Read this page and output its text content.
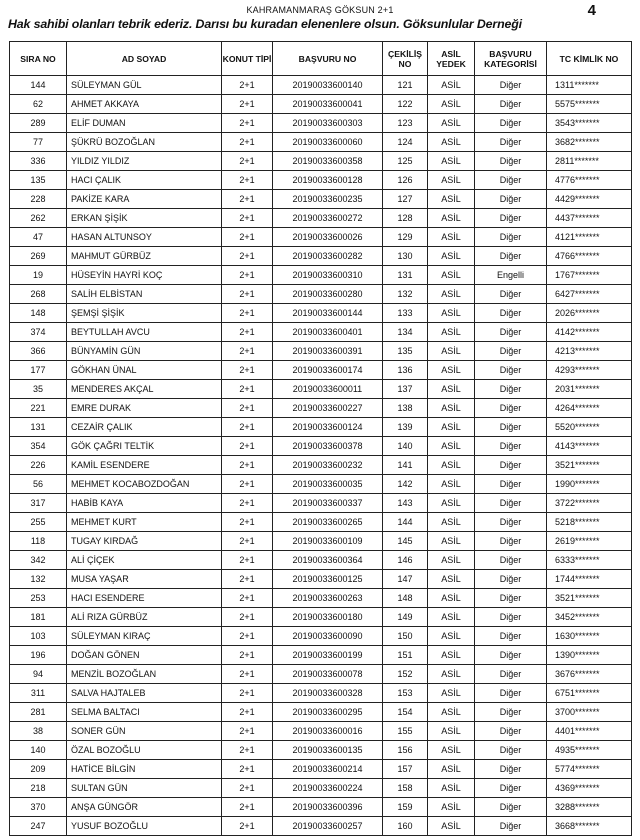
KAHRAMANMARAŞ GÖKSUN 2+1	4
Hak sahibi olanları tebrik ederiz. Darısı bu kuradan elenenlere olsun. Göksunlular Derneği
SIRA NO	AD SOYAD	KONUT TİPİ	BAŞVURU NO	ÇEKİLİŞ NO	ASİL YEDEK	BAŞVURU KATEGORİSİ	TC KİMLİK NO
144	SÜLEYMAN GÜL	2+1	20190033600140	121	ASİL	Diğer	1311*******
62	AHMET AKKAYA	2+1	20190033600041	122	ASİL	Diğer	5575*******
289	ELİF DUMAN	2+1	20190033600303	123	ASİL	Diğer	3543*******
77	ŞÜKRÜ BOZOĞLAN	2+1	20190033600060	124	ASİL	Diğer	3682*******
336	YILDIZ YILDIZ	2+1	20190033600358	125	ASİL	Diğer	2811*******
135	HACI ÇALIK	2+1	20190033600128	126	ASİL	Diğer	4776*******
228	PAKİZE KARA	2+1	20190033600235	127	ASİL	Diğer	4429*******
262	ERKAN ŞİŞİK	2+1	20190033600272	128	ASİL	Diğer	4437*******
47	HASAN ALTUNSOY	2+1	20190033600026	129	ASİL	Diğer	4121*******
269	MAHMUT GÜRBÜZ	2+1	20190033600282	130	ASİL	Diğer	4766*******
19	HÜSEYİN HAYRİ KOÇ	2+1	20190033600310	131	ASİL	Engelli	1767*******
268	SALİH ELBİSTAN	2+1	20190033600280	132	ASİL	Diğer	6427*******
148	ŞEMŞİ ŞİŞİK	2+1	20190033600144	133	ASİL	Diğer	2026*******
374	BEYTULLAH AVCU	2+1	20190033600401	134	ASİL	Diğer	4142*******
366	BÜNYAMİN GÜN	2+1	20190033600391	135	ASİL	Diğer	4213*******
177	GÖKHAN ÜNAL	2+1	20190033600174	136	ASİL	Diğer	4293*******
35	MENDERES AKÇAL	2+1	20190033600011	137	ASİL	Diğer	2031*******
221	EMRE DURAK	2+1	20190033600227	138	ASİL	Diğer	4264*******
131	CEZAİR ÇALIK	2+1	20190033600124	139	ASİL	Diğer	5520*******
354	GÖK ÇAĞRI TELTİK	2+1	20190033600378	140	ASİL	Diğer	4143*******
226	KAMİL ESENDERE	2+1	20190033600232	141	ASİL	Diğer	3521*******
56	MEHMET KOCABOZDOĞAN	2+1	20190033600035	142	ASİL	Diğer	1990*******
317	HABİB KAYA	2+1	20190033600337	143	ASİL	Diğer	3722*******
255	MEHMET KURT	2+1	20190033600265	144	ASİL	Diğer	5218*******
118	TUGAY KIRDAĞ	2+1	20190033600109	145	ASİL	Diğer	2619*******
342	ALİ ÇİÇEK	2+1	20190033600364	146	ASİL	Diğer	6333*******
132	MUSA YAŞAR	2+1	20190033600125	147	ASİL	Diğer	1744*******
253	HACI ESENDERE	2+1	20190033600263	148	ASİL	Diğer	3521*******
181	ALİ RIZA GÜRBÜZ	2+1	20190033600180	149	ASİL	Diğer	3452*******
103	SÜLEYMAN KIRAÇ	2+1	20190033600090	150	ASİL	Diğer	1630*******
196	DOĞAN GÖNEN	2+1	20190033600199	151	ASİL	Diğer	1390*******
94	MENZİL BOZOĞLAN	2+1	20190033600078	152	ASİL	Diğer	3676*******
311	SALVA HAJTALEB	2+1	20190033600328	153	ASİL	Diğer	6751*******
281	SELMA BALTACI	2+1	20190033600295	154	ASİL	Diğer	3700*******
38	SONER GÜN	2+1	20190033600016	155	ASİL	Diğer	4401*******
140	ÖZAL BOZOĞLU	2+1	20190033600135	156	ASİL	Diğer	4935*******
209	HATİCE BİLGİN	2+1	20190033600214	157	ASİL	Diğer	5774*******
218	SULTAN GÜN	2+1	20190033600224	158	ASİL	Diğer	4369*******
370	ANŞA GÜNGÖR	2+1	20190033600396	159	ASİL	Diğer	3288*******
247	YUSUF BOZOĞLU	2+1	20190033600257	160	ASİL	Diğer	3668*******
